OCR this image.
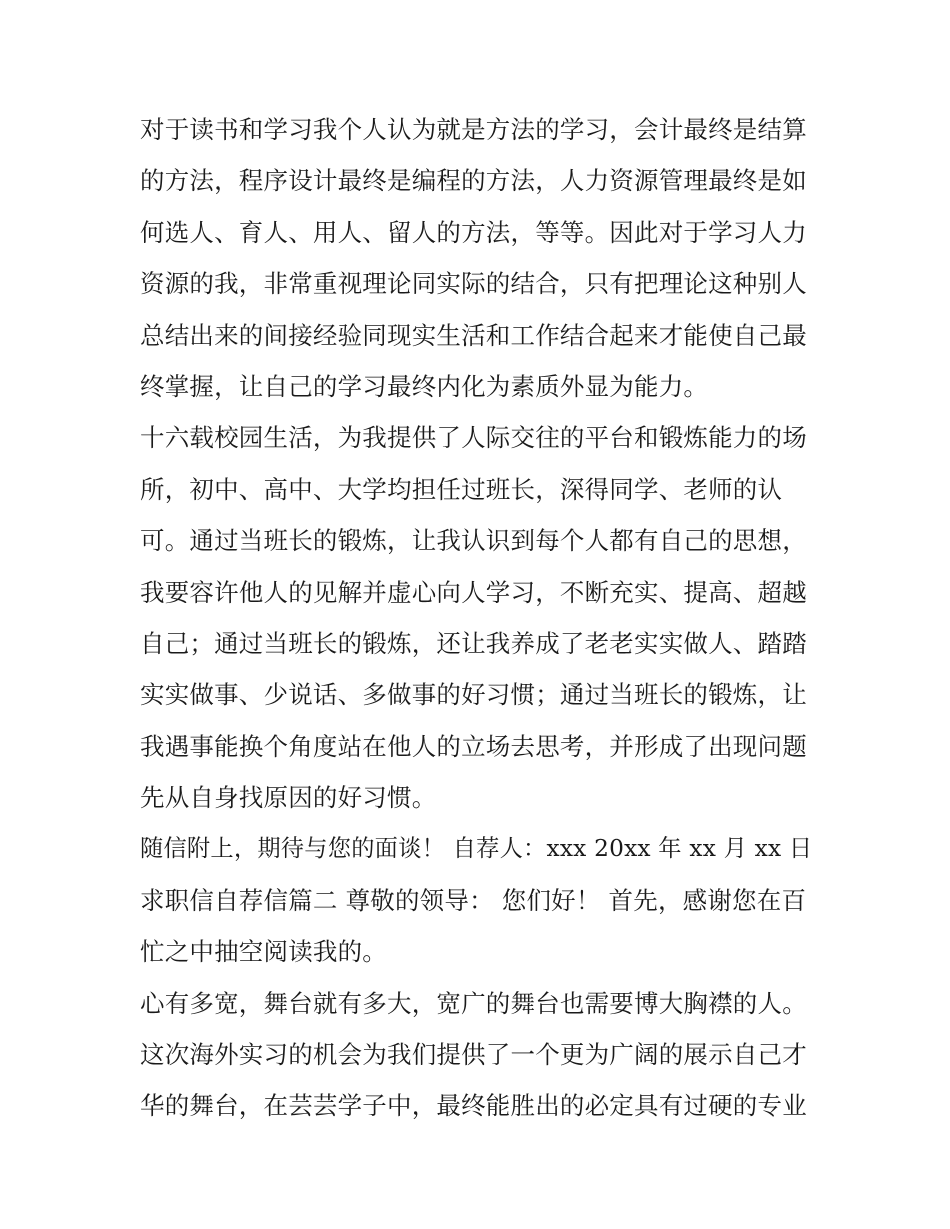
对于读书和学习我个人认为就是方法的学习，会计最终是结算
的方法，程序设计最终是编程的方法，人力资源管理最终是如
何选人、育人、用人、留人的方法，等等。因此对于学习人力
资源的我，非常重视理论同实际的结合，只有把理论这种别人
总结出来的间接经验同现实生活和工作结合起来才能使自己最
终掌握，让自己的学习最终内化为素质外显为能力。
十六载校园生活，为我提供了人际交往的平台和锻炼能力的场
所，初中、高中、大学均担任过班长，深得同学、老师的认
可。通过当班长的锻炼，让我认识到每个人都有自己的思想，
我要容许他人的见解并虚心向人学习，不断充实、提高、超越
自己；通过当班长的锻炼，还让我养成了老老实实做人、踏踏
实实做事、少说话、多做事的好习惯；通过当班长的锻炼，让
我遇事能换个角度站在他人的立场去思考，并形成了出现问题
先从自身找原因的好习惯。
随信附上，期待与您的面谈！ 自荐人：xxx 20xx 年 xx 月 xx 日
求职信自荐信篇二 尊敬的领导： 您们好！ 首先，感谢您在百
忙之中抽空阅读我的。
心有多宽，舞台就有多大，宽广的舞台也需要博大胸襟的人。
这次海外实习的机会为我们提供了一个更为广阔的展示自己才
华的舞台，在芸芸学子中，最终能胜出的必定具有过硬的专业
